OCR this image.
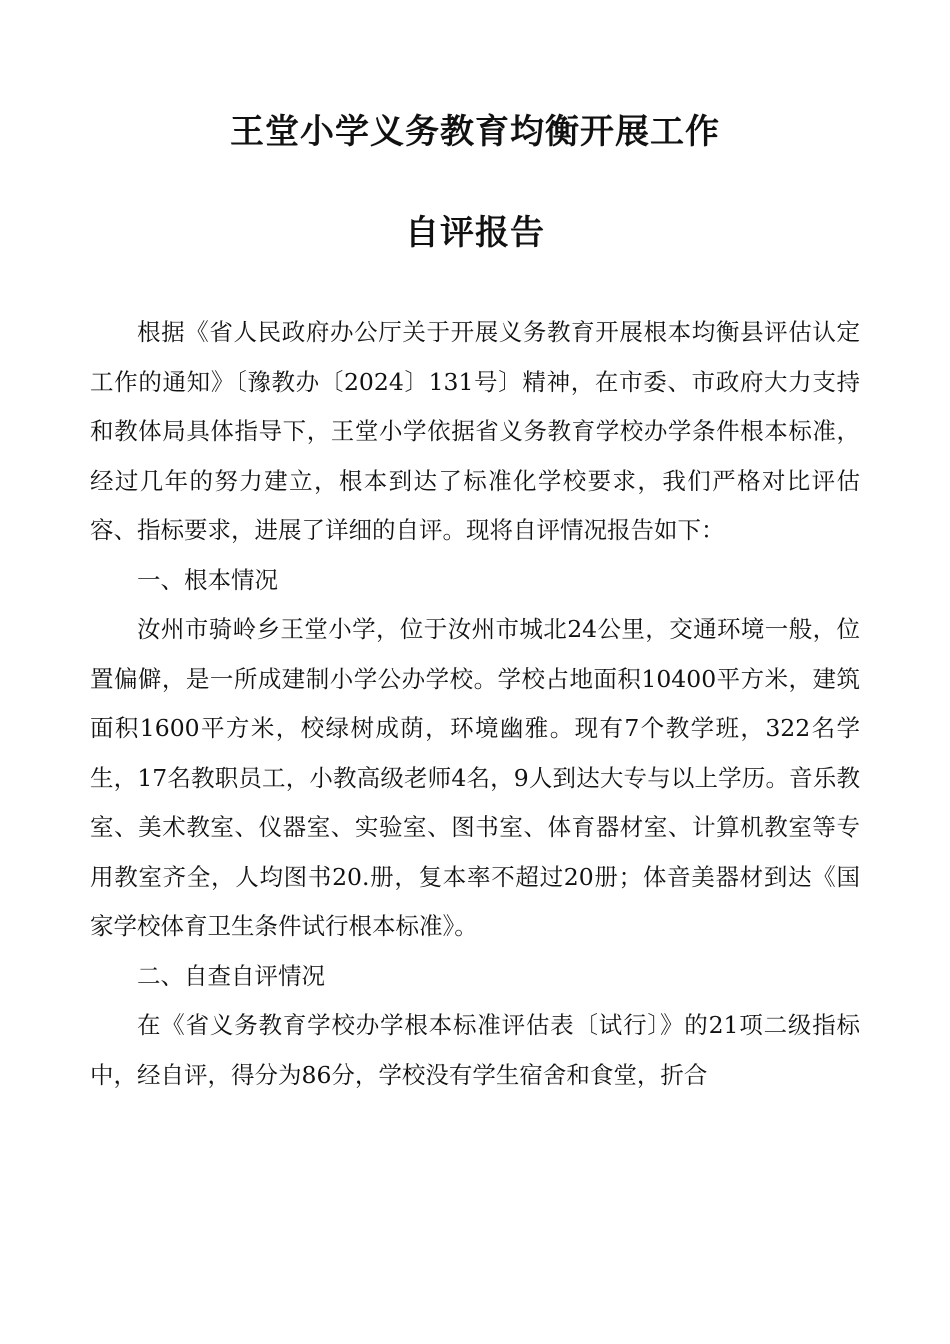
王堂小学义务教育均衡开展工作
自评报告

根据《省人民政府办公厅关于开展义务教育开展根本均衡县评估认定工作的通知》〔豫教办〔2024〕131号〕精神，在市委、市政府大力支持和教体局具体指导下，王堂小学依据省义务教育学校办学条件根本标准，经过几年的努力建立，根本到达了标准化学校要求，我们严格对比评估容、指标要求，进展了详细的自评。现将自评情况报告如下：

一、根本情况

汝州市骑岭乡王堂小学，位于汝州市城北24公里，交通环境一般，位置偏僻，是一所成建制小学公办学校。学校占地面积10400平方米，建筑面积1600平方米，校绿树成荫，环境幽雅。现有7个教学班，322名学生，17名教职员工，小教高级老师4名，9人到达大专与以上学历。音乐教室、美术教室、仪器室、实验室、图书室、体育器材室、计算机教室等专用教室齐全，人均图书20.册，复本率不超过20册；体音美器材到达《国家学校体育卫生条件试行根本标准》。

二、自查自评情况

在《省义务教育学校办学根本标准评估表〔试行〕》的21项二级指标中，经自评，得分为86分，学校没有学生宿舍和食堂，折合
